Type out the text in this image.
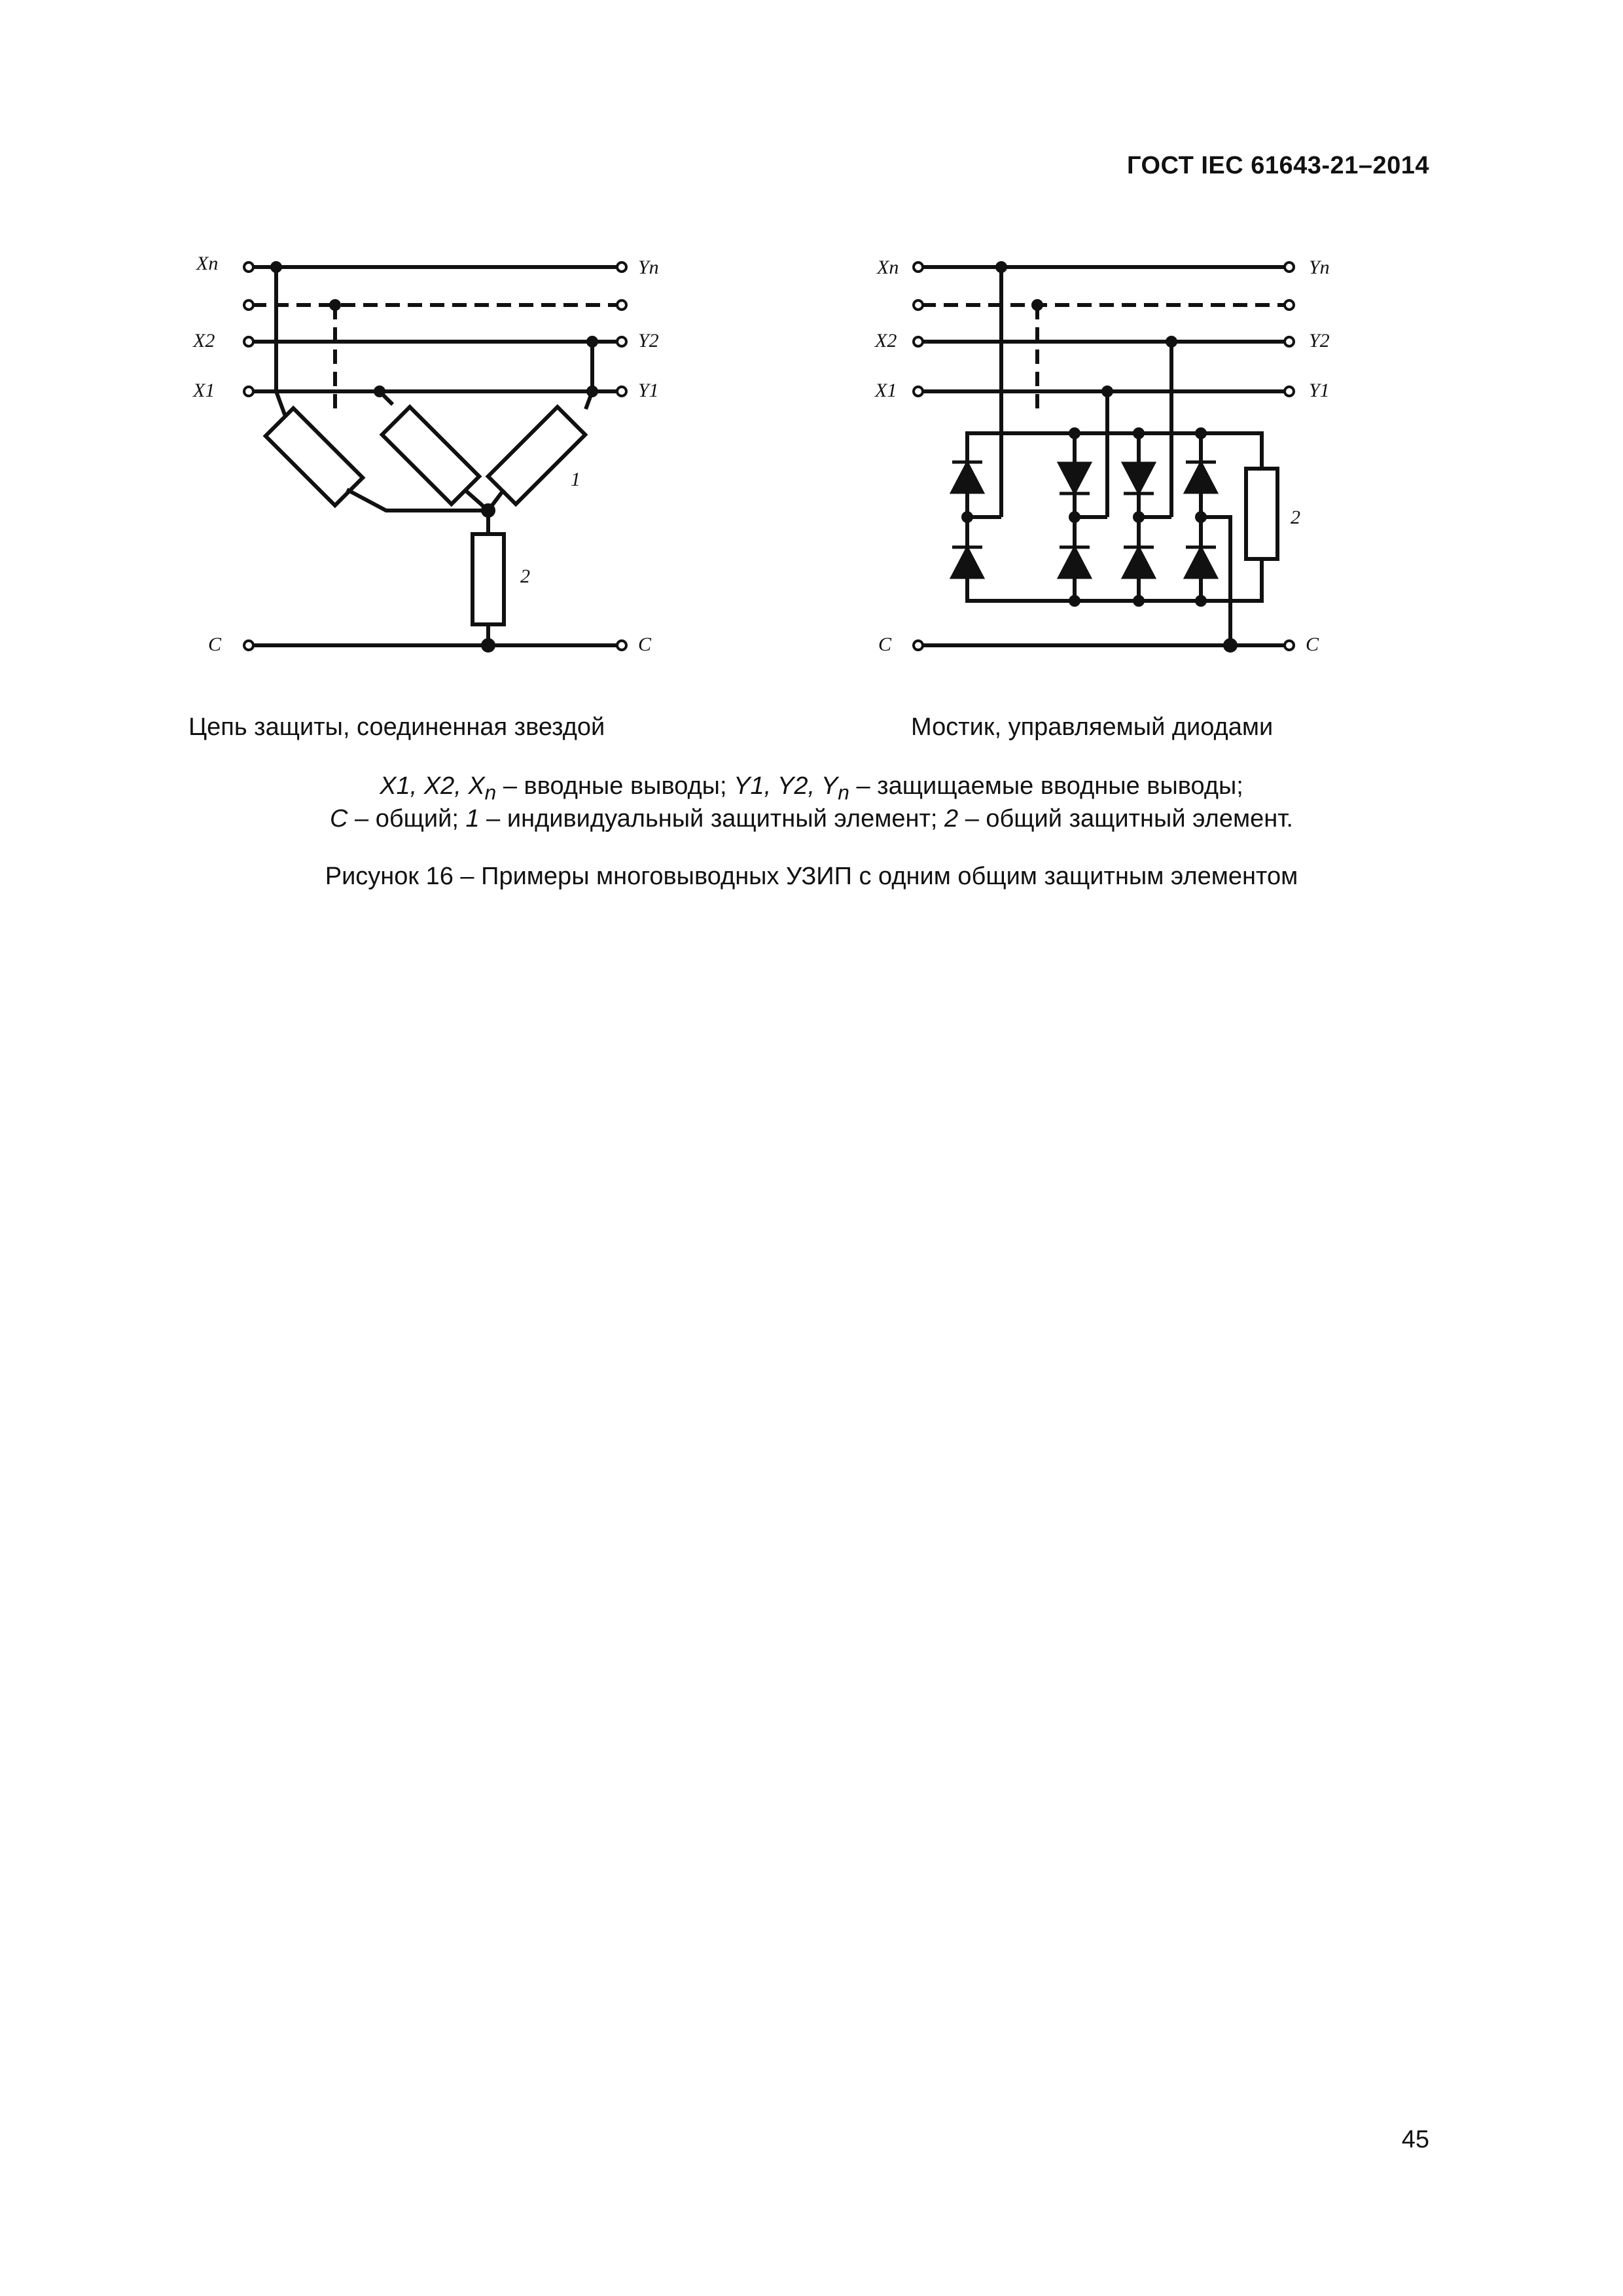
ГОСТ IEC 61643-21–2014
Xn
X2
X1
C
Yn
Y2
Y1
C
1
2
Xn
X2
X1
C
Yn
Y2
Y1
C
2
Цепь защиты, соединенная звездой	Мостик, управляемый диодами
X1, X2, $X_n$ – вводные выводы; Y1, Y2, $Y_n$ – защищаемые вводные выводы;
C – общий; 1 – индивидуальный защитный элемент; 2 – общий защитный элемент.
Рисунок 16 – Примеры многовыводных УЗИП с одним общим защитным элементом
45
